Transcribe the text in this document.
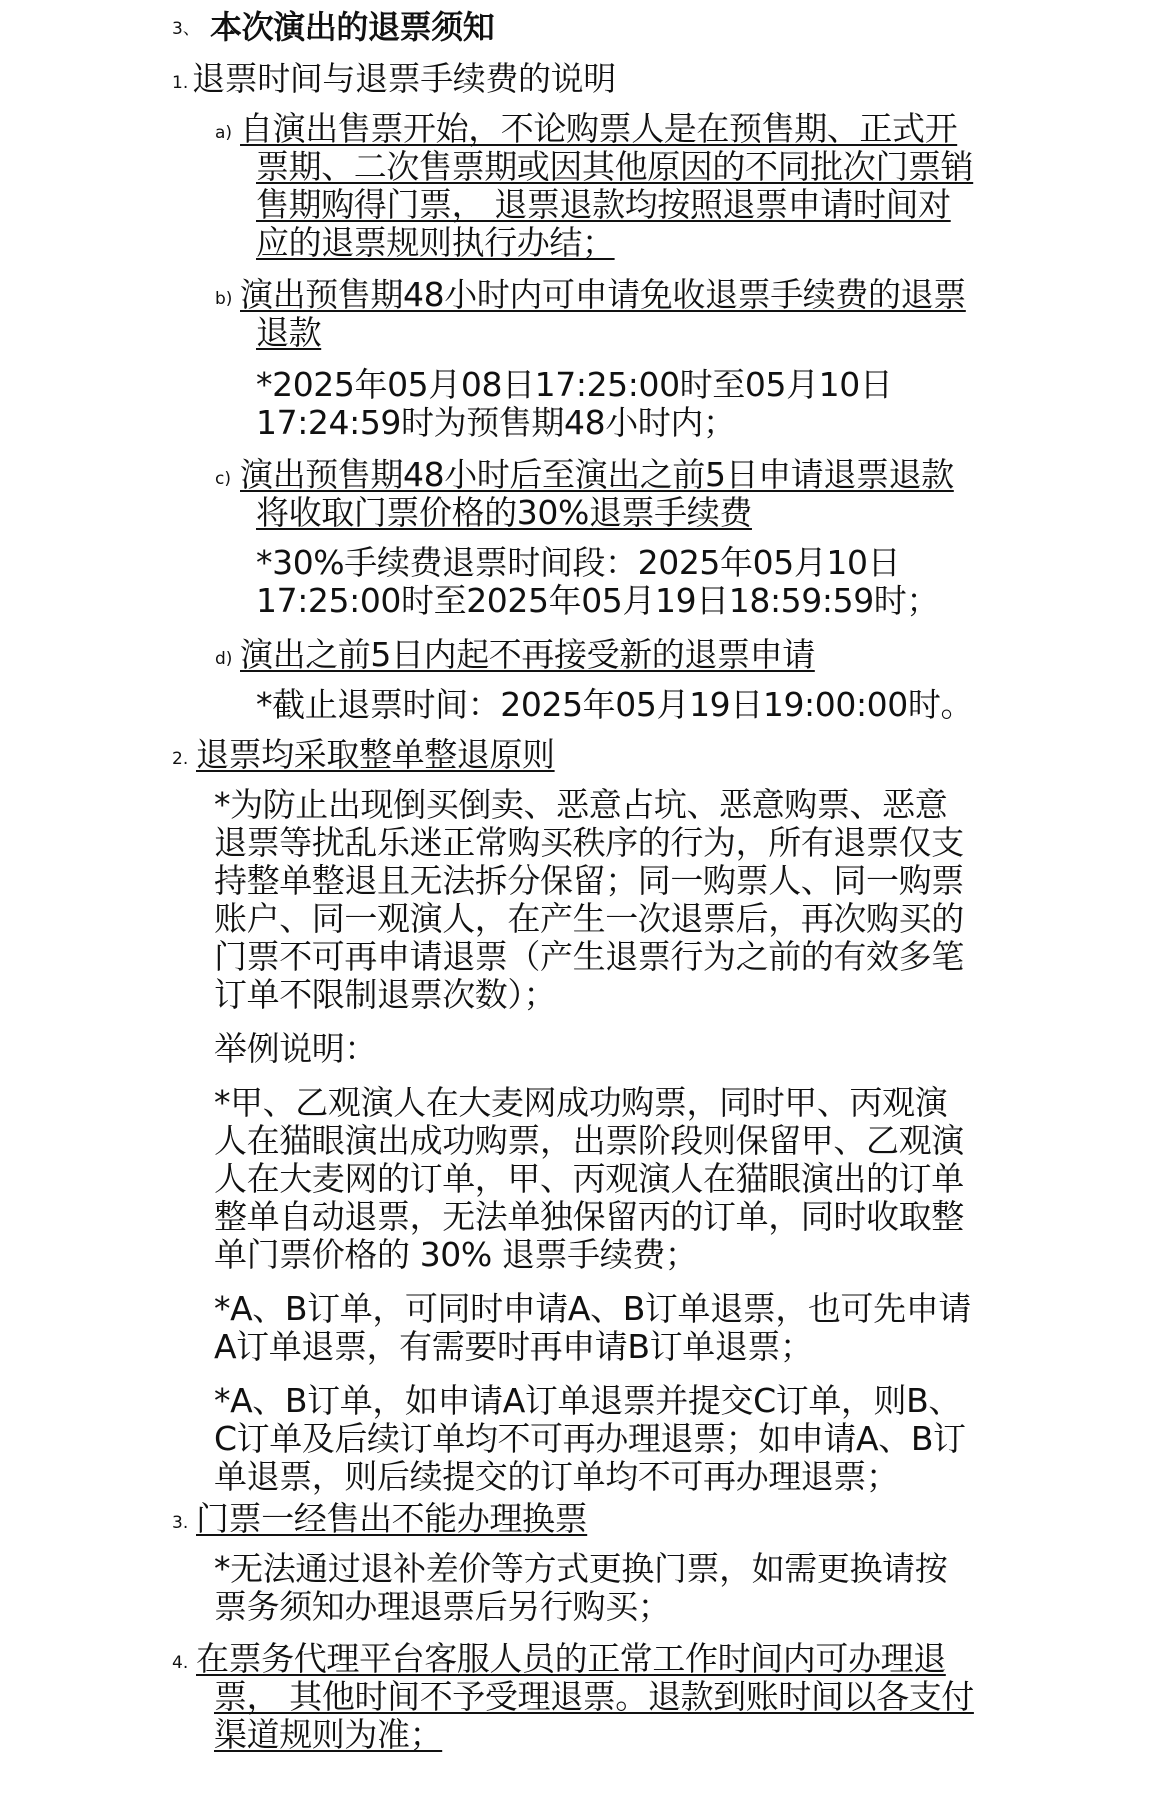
3、 本次演出的退票须知
1. 退票时间与退票手续费的说明
a) 自演出售票开始，不论购票人是在预售期、正式开
票期、二次售票期或因其他原因的不同批次门票销
售期购得门票， 退票退款均按照退票申请时间对
应的退票规则执行办结；
b) 演出预售期48小时内可申请免收退票手续费的退票
退款
*2025年05月08日17:25:00时至05月10日
17:24:59时为预售期48小时内；
c) 演出预售期48小时后至演出之前5日申请退票退款
将收取门票价格的30%退票手续费
*30%手续费退票时间段：2025年05月10日
17:25:00时至2025年05月19日18:59:59时；
d) 演出之前5日内起不再接受新的退票申请
*截止退票时间：2025年05月19日19:00:00时。
2. 退票均采取整单整退原则
*为防止出现倒买倒卖、恶意占坑、恶意购票、恶意
退票等扰乱乐迷正常购买秩序的行为，所有退票仅支
持整单整退且无法拆分保留；同一购票人、同一购票
账户、同一观演人，在产生一次退票后，再次购买的
门票不可再申请退票（产生退票行为之前的有效多笔
订单不限制退票次数）；
举例说明：
*甲、乙观演人在大麦网成功购票，同时甲、丙观演
人在猫眼演出成功购票，出票阶段则保留甲、乙观演
人在大麦网的订单，甲、丙观演人在猫眼演出的订单
整单自动退票，无法单独保留丙的订单，同时收取整
单门票价格的 30% 退票手续费；
*A、B订单，可同时申请A、B订单退票，也可先申请
A订单退票，有需要时再申请B订单退票；
*A、B订单，如申请A订单退票并提交C订单，则B、
C订单及后续订单均不可再办理退票；如申请A、B订
单退票，则后续提交的订单均不可再办理退票；
3. 门票一经售出不能办理换票
*无法通过退补差价等方式更换门票，如需更换请按
票务须知办理退票后另行购买；
4. 在票务代理平台客服人员的正常工作时间内可办理退
票， 其他时间不予受理退票。退款到账时间以各支付
渠道规则为准；
